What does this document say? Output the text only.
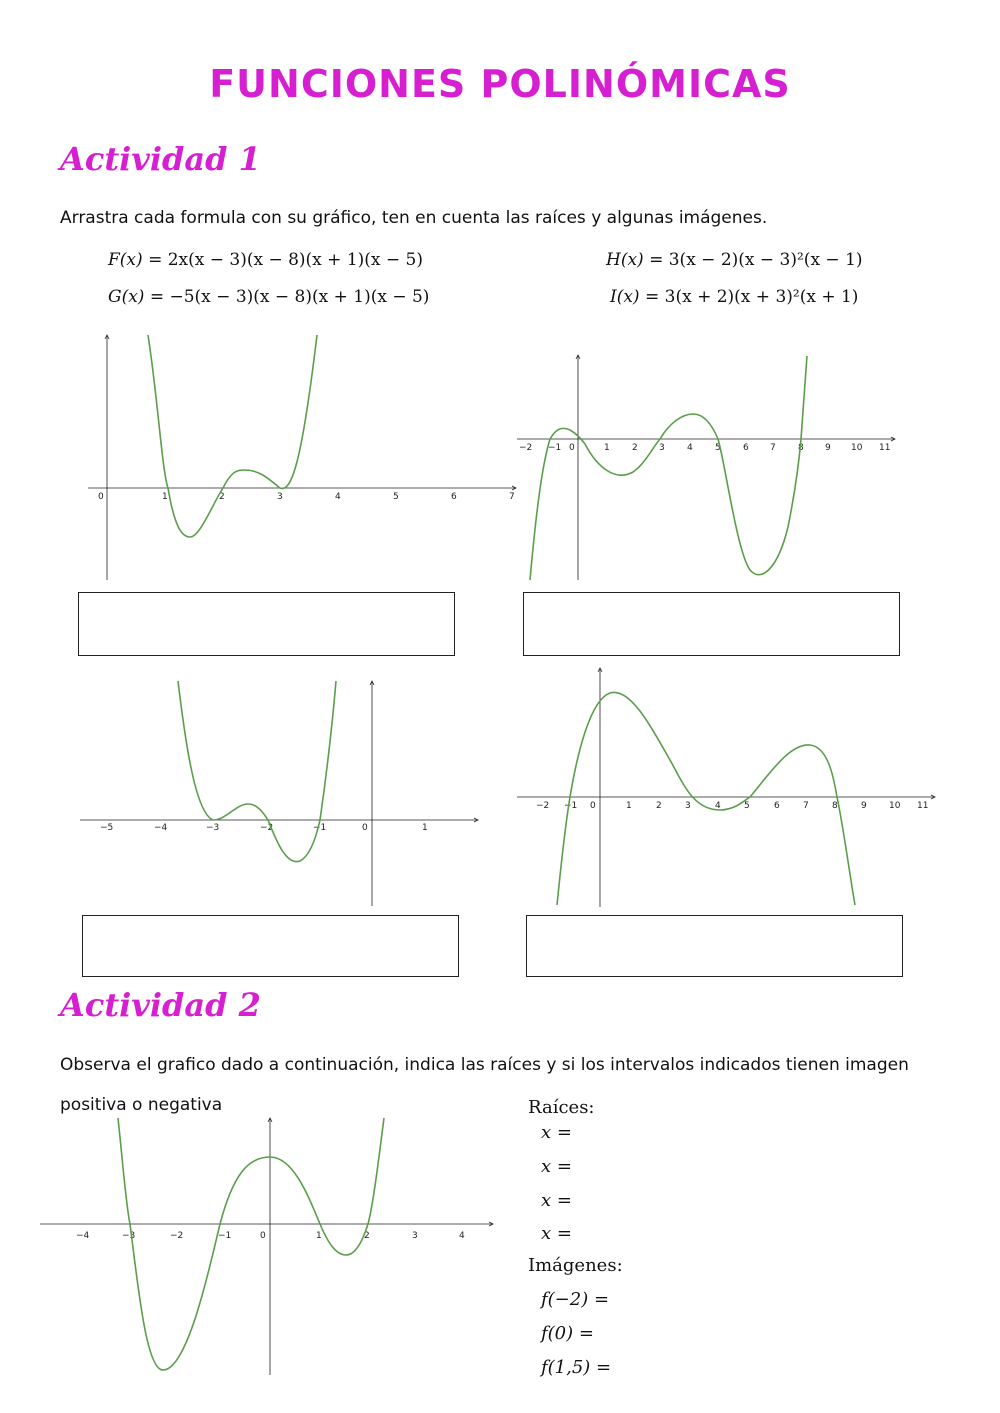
FUNCIONES POLINÓMICAS
Actividad 1

Arrastra cada formula con su gráfico, ten en cuenta las raíces y algunas imágenes.

F(x) = 2x(x − 3)(x − 8)(x + 1)(x − 5)
G(x) = −5(x − 3)(x − 8)(x + 1)(x − 5)
H(x) = 3(x − 2)(x − 3)²(x − 1)
I(x) = 3(x + 2)(x + 3)²(x + 1)
0	1	2	3	4	5	6	7
−2 −1 0	1 2 3 4 5 6 7 8 9 10 11
−5	−4	−3	−2	−1	0	1
−2 −1 0	1	2	3	4	5	6	7	8	9 10 11
Actividad 2

Observa el grafico dado a continuación, indica las raíces y si los intervalos indicados tienen imagen

positiva o negativa

−4	−3	−2	−1	0	1	2	3	4
Raíces:
x =
x =
x =
x =
Imágenes:
f(−2) =
f(0) =
f(1,5) =
